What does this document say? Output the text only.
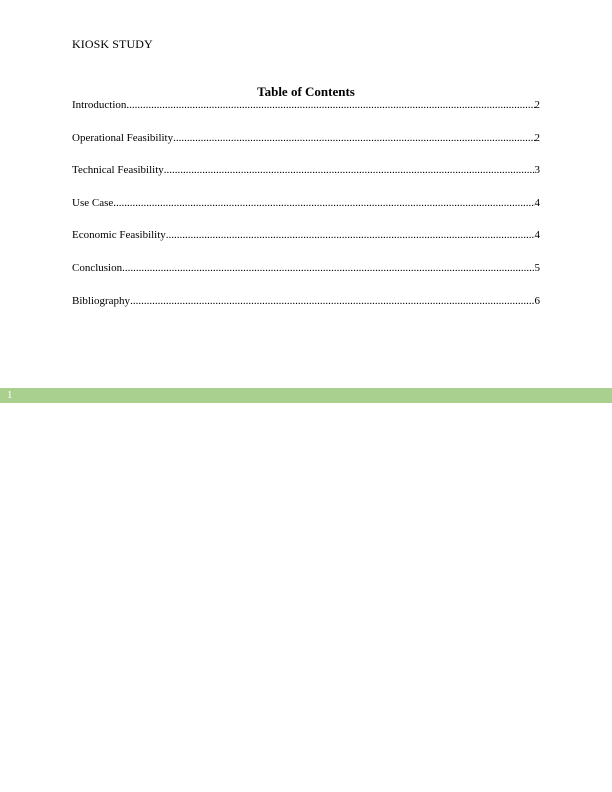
KIOSK STUDY
Table of Contents
Introduction .....	2
Operational Feasibility .....	2
Technical Feasibility .....	3
Use Case .....	4
Economic Feasibility .....	4
Conclusion .....	5
Bibliography .....	6
1
